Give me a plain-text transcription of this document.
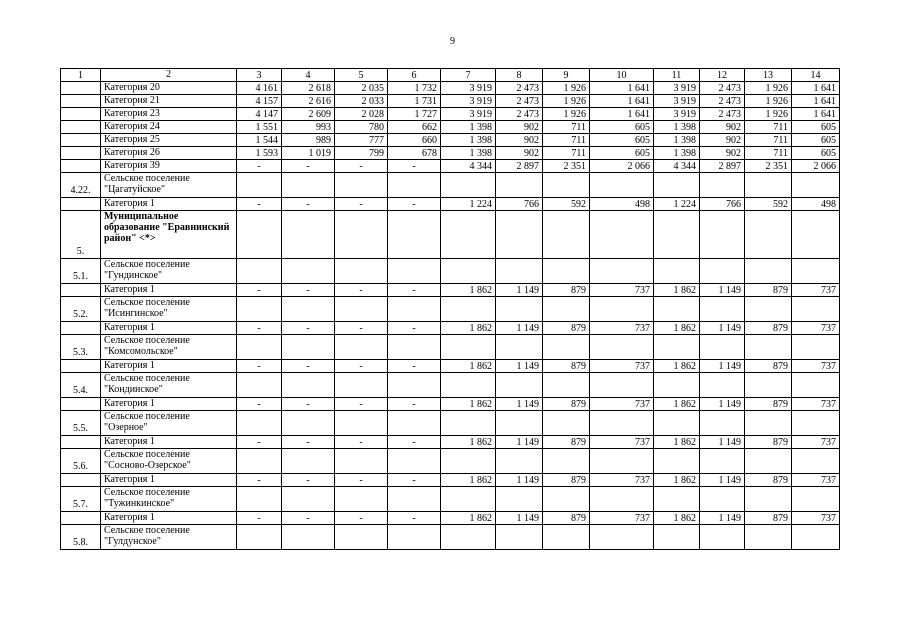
9
1	2	3	4	5	6	7	8	9	10	11	12	13	14
	Категория 20	4 161	2 618	2 035	1 732	3 919	2 473	1 926	1 641	3 919	2 473	1 926	1 641
	Категория 21	4 157	2 616	2 033	1 731	3 919	2 473	1 926	1 641	3 919	2 473	1 926	1 641
	Категория 23	4 147	2 609	2 028	1 727	3 919	2 473	1 926	1 641	3 919	2 473	1 926	1 641
	Категория 24	1 551	993	780	662	1 398	902	711	605	1 398	902	711	605
	Категория 25	1 544	989	777	660	1 398	902	711	605	1 398	902	711	605
	Категория 26	1 593	1 019	799	678	1 398	902	711	605	1 398	902	711	605
	Категория 39	-	-	-	-	4 344	2 897	2 351	2 066	4 344	2 897	2 351	2 066
4.22.	Сельское поселение "Цагатуйское"												
	Категория 1	-	-	-	-	1 224	766	592	498	1 224	766	592	498
5.	Муниципальное образование "Еравнинский район" <*>												
5.1.	Сельское поселение "Гундинское"												
	Категория 1	-	-	-	-	1 862	1 149	879	737	1 862	1 149	879	737
5.2.	Сельское поселение "Исингинское"												
	Категория 1	-	-	-	-	1 862	1 149	879	737	1 862	1 149	879	737
5.3.	Сельское поселение "Комсомольское"												
	Категория 1	-	-	-	-	1 862	1 149	879	737	1 862	1 149	879	737
5.4.	Сельское поселение "Кондинское"												
	Категория 1	-	-	-	-	1 862	1 149	879	737	1 862	1 149	879	737
5.5.	Сельское поселение "Озерное"												
	Категория 1	-	-	-	-	1 862	1 149	879	737	1 862	1 149	879	737
5.6.	Сельское поселение "Сосново-Озерское"												
	Категория 1	-	-	-	-	1 862	1 149	879	737	1 862	1 149	879	737
5.7.	Сельское поселение "Тужинкинское"												
	Категория 1	-	-	-	-	1 862	1 149	879	737	1 862	1 149	879	737
5.8.	Сельское поселение "Гулдунское"												
